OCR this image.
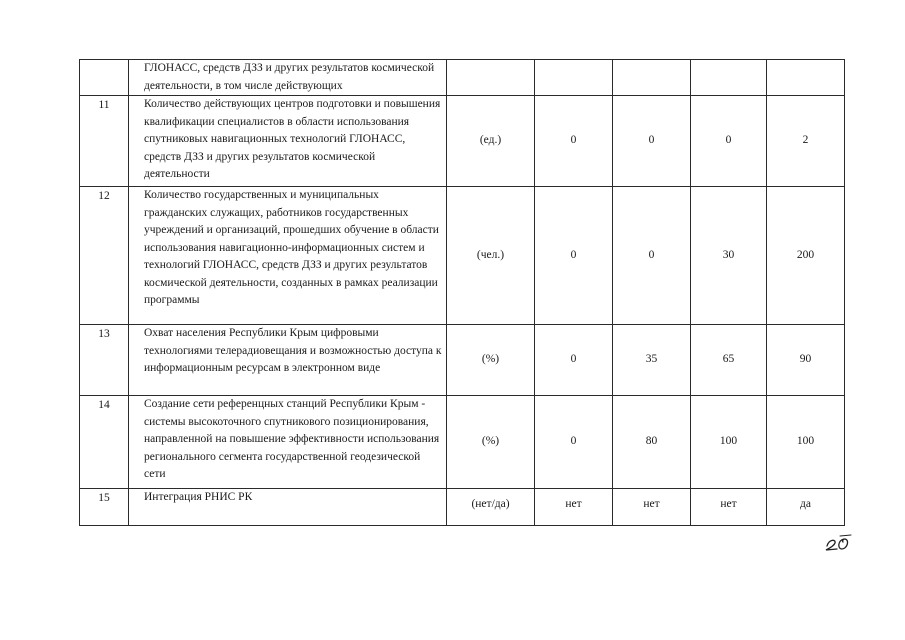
	ГЛОНАСС, средств ДЗЗ и других результатов космической деятельности, в том числе действующих					
11	Количество действующих центров подготовки и повышения квалификации специалистов в области использования спутниковых навигационных технологий ГЛОНАСС, средств ДЗЗ и других результатов космической деятельности	(ед.)	0	0	0	2
12	Количество государственных и муниципальных гражданских служащих, работников государственных учреждений и организаций, прошедших обучение в области использования навигационно-информационных систем и технологий ГЛОНАСС, средств ДЗЗ и других результатов космической деятельности, созданных в рамках реализации программы	(чел.)	0	0	30	200
13	Охват населения Республики Крым цифровыми технологиями телерадиовещания и возможностью доступа к информационным ресурсам в электронном виде	(%)	0	35	65	90
14	Создание сети референцных станций Республики Крым - системы высокоточного спутникового позиционирования, направленной на повышение эффективности использования регионального сегмента государственной геодезической сети	(%)	0	80	100	100
15	Интеграция РНИС РК	(нет/да)	нет	нет	нет	да
